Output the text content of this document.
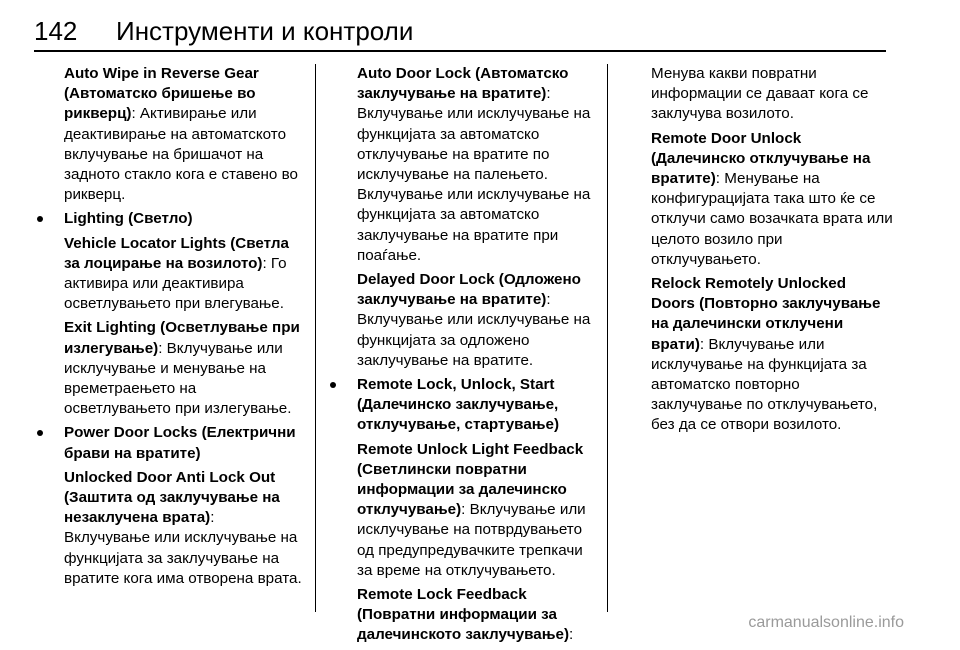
142 Инструменти и контроли
Auto Wipe in Reverse Gear (Автоматско бришење во рикверц): Активирање или деактивирање на автоматското вклучување на бришачот на задното стакло кога е ставено во рикверц.
Lighting (Светло)
Vehicle Locator Lights (Светла за лоцирање на возилото): Го активира или деактивира осветлувањето при влегување.
Exit Lighting (Осветлување при излегување): Вклучување или исклучување и менување на времетраењето на осветлувањето при излегување.
Power Door Locks (Електрични брави на вратите)
Unlocked Door Anti Lock Out (Заштита од заклучување на незаклучена врата): Вклучување или исклучување на функцијата за заклучување на вратите кога има отворена врата.
Auto Door Lock (Автоматско заклучување на вратите): Вклучување или исклучување на функцијата за автоматско отклучување на вратите по исклучување на палењето. Вклучување или исклучување на функцијата за автоматско заклучување на вратите при поаѓање.
Delayed Door Lock (Одложено заклучување на вратите): Вклучување или исклучување на функцијата за одложено заклучување на вратите.
Remote Lock, Unlock, Start (Далечинско заклучување, отклучување, стартување)
Remote Unlock Light Feedback (Светлински повратни информации за далечинско отклучување): Вклучување или исклучување на потврдувањето од предупредувачките трепкачи за време на отклучувањето.
Remote Lock Feedback (Повратни информации за далечинското заклучување):
Менува какви повратни информации се даваат кога се заклучува возилото.
Remote Door Unlock (Далечинско отклучување на вратите): Менување на конфигурацијата така што ќе се отклучи само возачката врата или целото возило при отклучувањето.
Relock Remotely Unlocked Doors (Повторно заклучување на далечински отклучени врати): Вклучување или исклучување на функцијата за автоматско повторно заклучување по отклучувањето, без да се отвори возилото.
carmanualsonline.info
